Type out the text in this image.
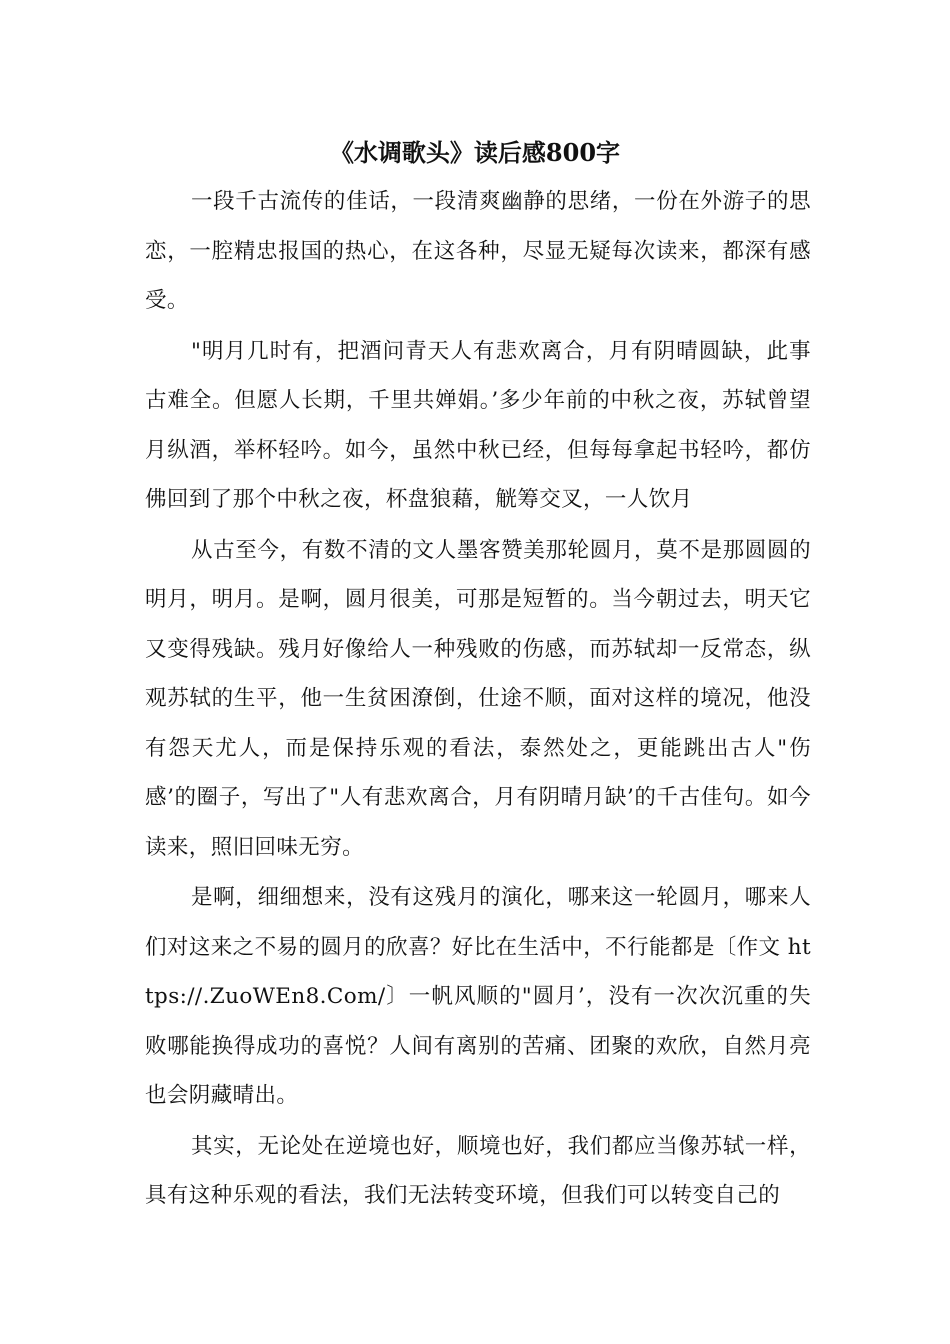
《水调歌头》读后感800字

一段千古流传的佳话，一段清爽幽静的思绪，一份在外游子的思恋，一腔精忠报国的热心，在这各种，尽显无疑每次读来，都深有感受。

"明月几时有，把酒问青天人有悲欢离合，月有阴晴圆缺，此事古难全。但愿人长期，千里共婵娟。’多少年前的中秋之夜，苏轼曾望月纵酒，举杯轻吟。如今，虽然中秋已经，但每每拿起书轻吟，都仿佛回到了那个中秋之夜，杯盘狼藉，觥筹交叉，一人饮月

从古至今，有数不清的文人墨客赞美那轮圆月，莫不是那圆圆的明月，明月。是啊，圆月很美，可那是短暂的。当今朝过去，明天它又变得残缺。残月好像给人一种残败的伤感，而苏轼却一反常态，纵观苏轼的生平，他一生贫困潦倒，仕途不顺，面对这样的境况，他没有怨天尤人，而是保持乐观的看法，泰然处之，更能跳出古人"伤感’的圈子，写出了"人有悲欢离合，月有阴晴月缺’的千古佳句。如今读来，照旧回味无穷。

是啊，细细想来，没有这残月的演化，哪来这一轮圆月，哪来人们对这来之不易的圆月的欣喜？好比在生活中，不行能都是〔作文 https://.ZuoWEn8.Com/〕一帆风顺的"圆月’，没有一次次沉重的失败哪能换得成功的喜悦？人间有离别的苦痛、团聚的欢欣，自然月亮也会阴藏晴出。

其实，无论处在逆境也好，顺境也好，我们都应当像苏轼一样，具有这种乐观的看法，我们无法转变环境，但我们可以转变自己的
